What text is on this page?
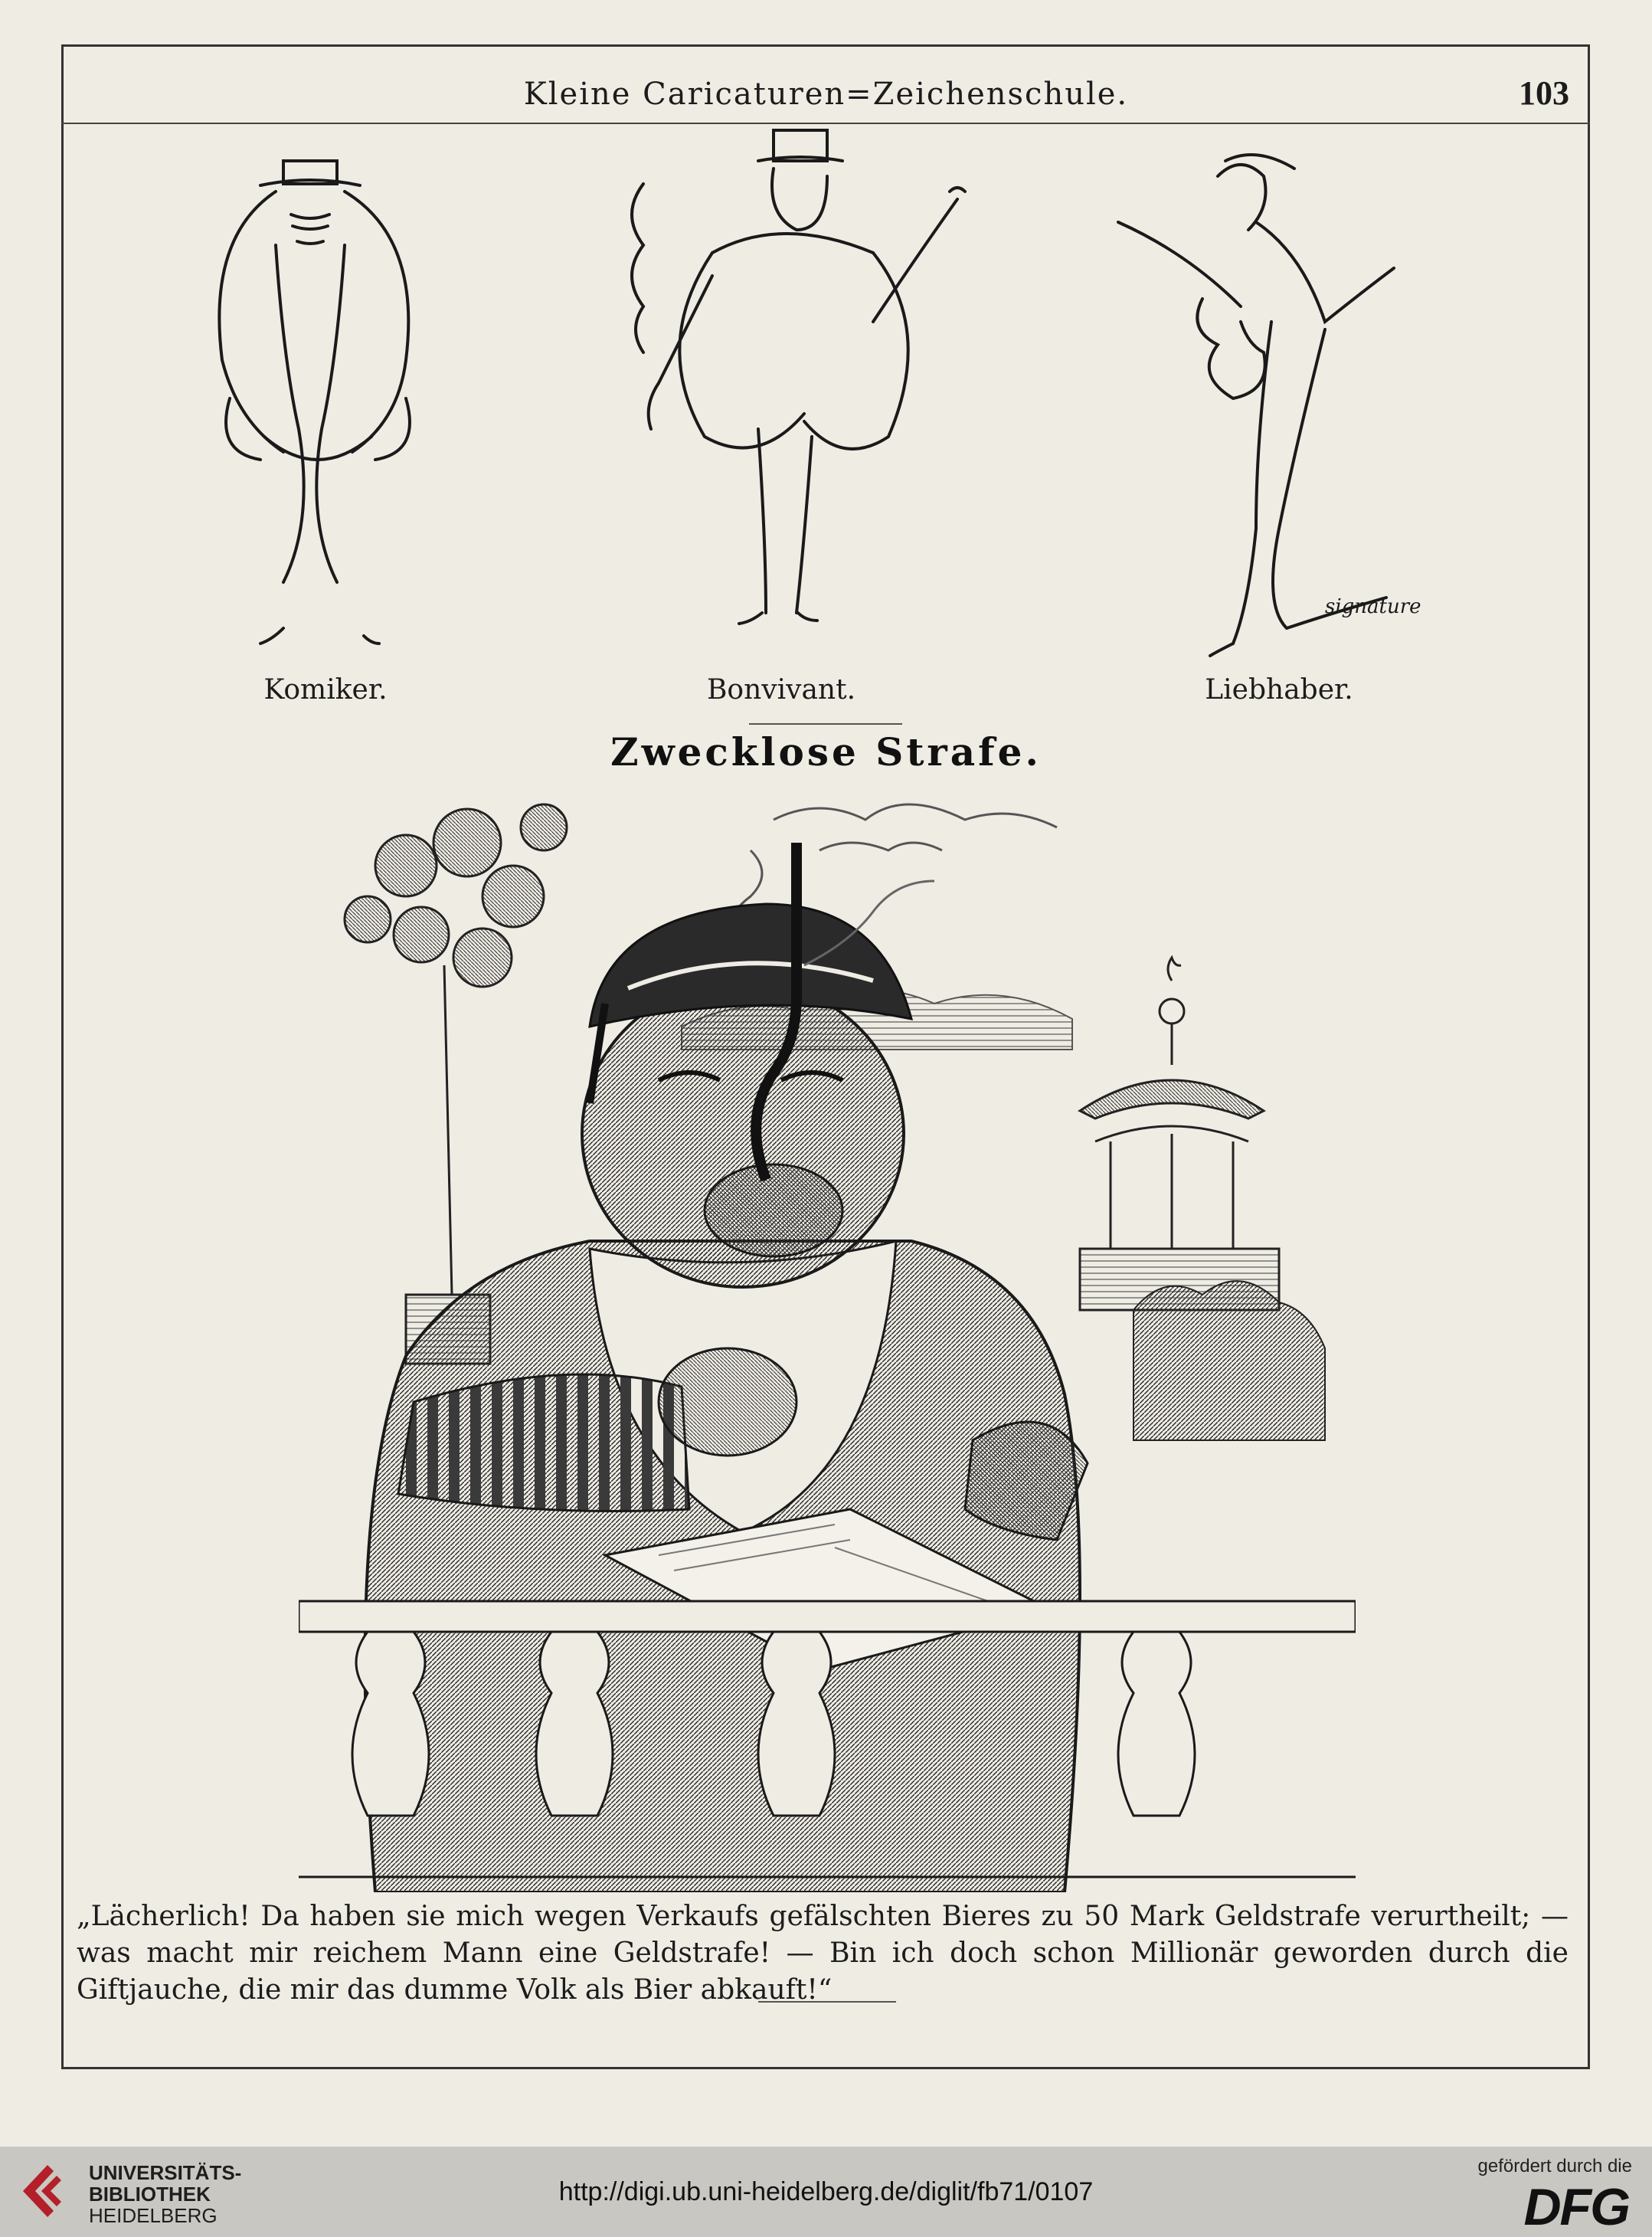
Kleine Caricaturen=Zeichenschule.	103
Komiker.	Bonvivant.
signature
Liebhaber.
Zwecklose Strafe.
„Lächerlich! Da haben sie mich wegen Verkaufs gefälschten Bieres zu 50 Mark Geldstrafe verurtheilt; — was macht mir reichem Mann eine Geldstrafe! — Bin ich doch schon Millionär geworden durch die Giftjauche, die mir das dumme Volk als Bier abkauft!“
UNIVERSITÄTS-
BIBLIOTHEK
HEIDELBERG
http://digi.ub.uni-heidelberg.de/diglit/fb71/0107
gefördert durch die
DFG
